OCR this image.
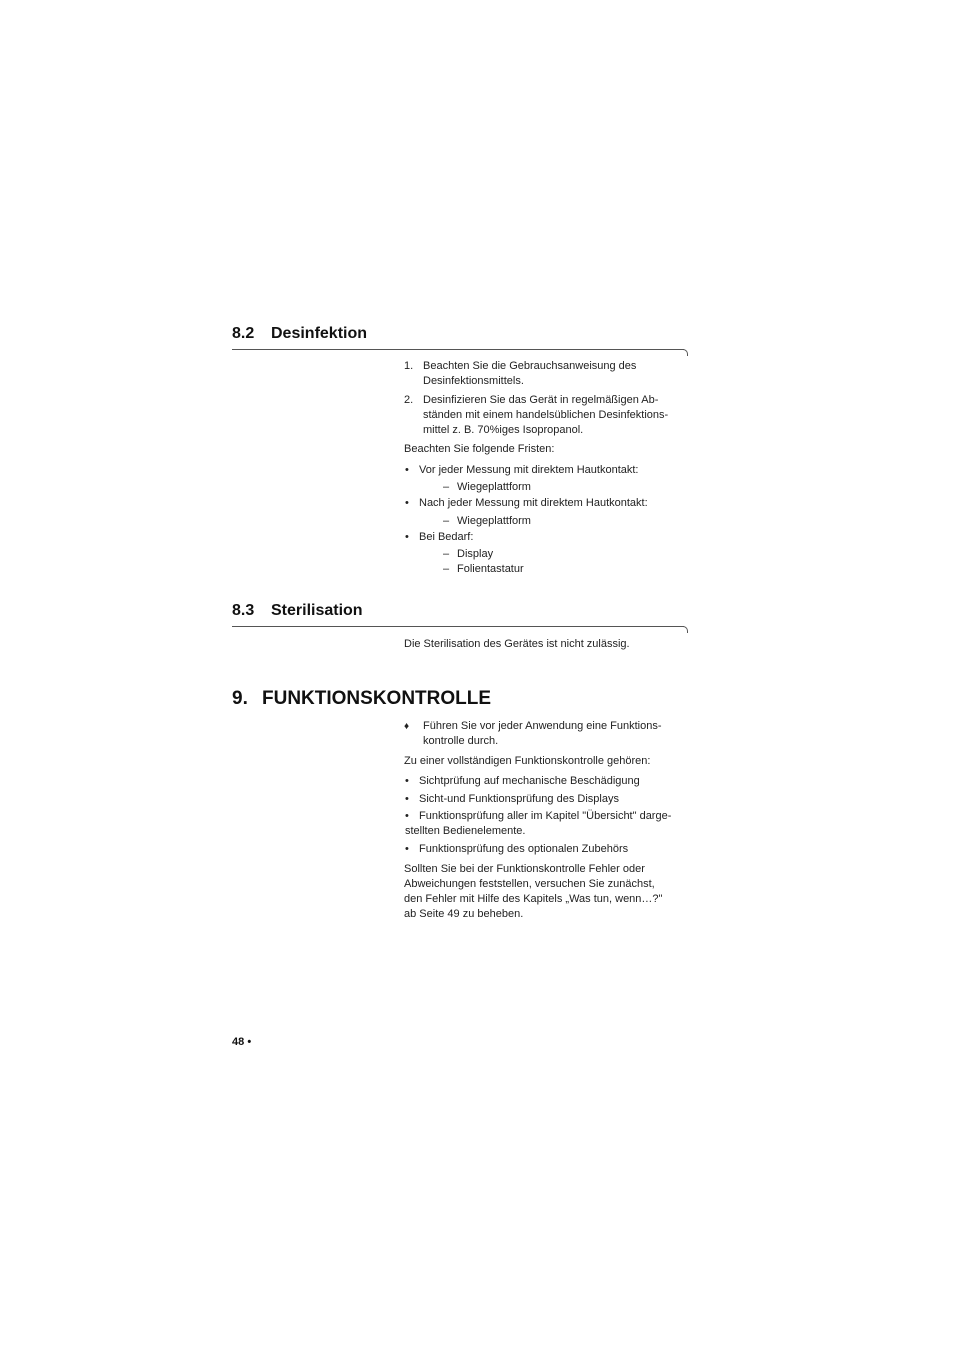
8.2 Desinfektion
1. Beachten Sie die Gebrauchsanweisung des
Desinfektionsmittels.
2. Desinfizieren Sie das Gerät in regelmäßigen Ab-
ständen mit einem handelsüblichen Desinfektions-
mittel z. B. 70%iges Isopropanol.
Beachten Sie folgende Fristen:
• Vor jeder Messung mit direktem Hautkontakt:
– Wiegeplattform
• Nach jeder Messung mit direktem Hautkontakt:
– Wiegeplattform
• Bei Bedarf:
– Display
– Folientastatur
8.3 Sterilisation
Die Sterilisation des Gerätes ist nicht zulässig.
9. FUNKTIONSKONTROLLE
♦ Führen Sie vor jeder Anwendung eine Funktions-
kontrolle durch.
Zu einer vollständigen Funktionskontrolle gehören:
• Sichtprüfung auf mechanische Beschädigung
• Sicht-und Funktionsprüfung des Displays
• Funktionsprüfung aller im Kapitel "Übersicht" darge-
stellten Bedienelemente.
• Funktionsprüfung des optionalen Zubehörs
Sollten Sie bei der Funktionskontrolle Fehler oder
Abweichungen feststellen, versuchen Sie zunächst,
den Fehler mit Hilfe des Kapitels „Was tun, wenn…?"
ab Seite 49 zu beheben.
48 •
